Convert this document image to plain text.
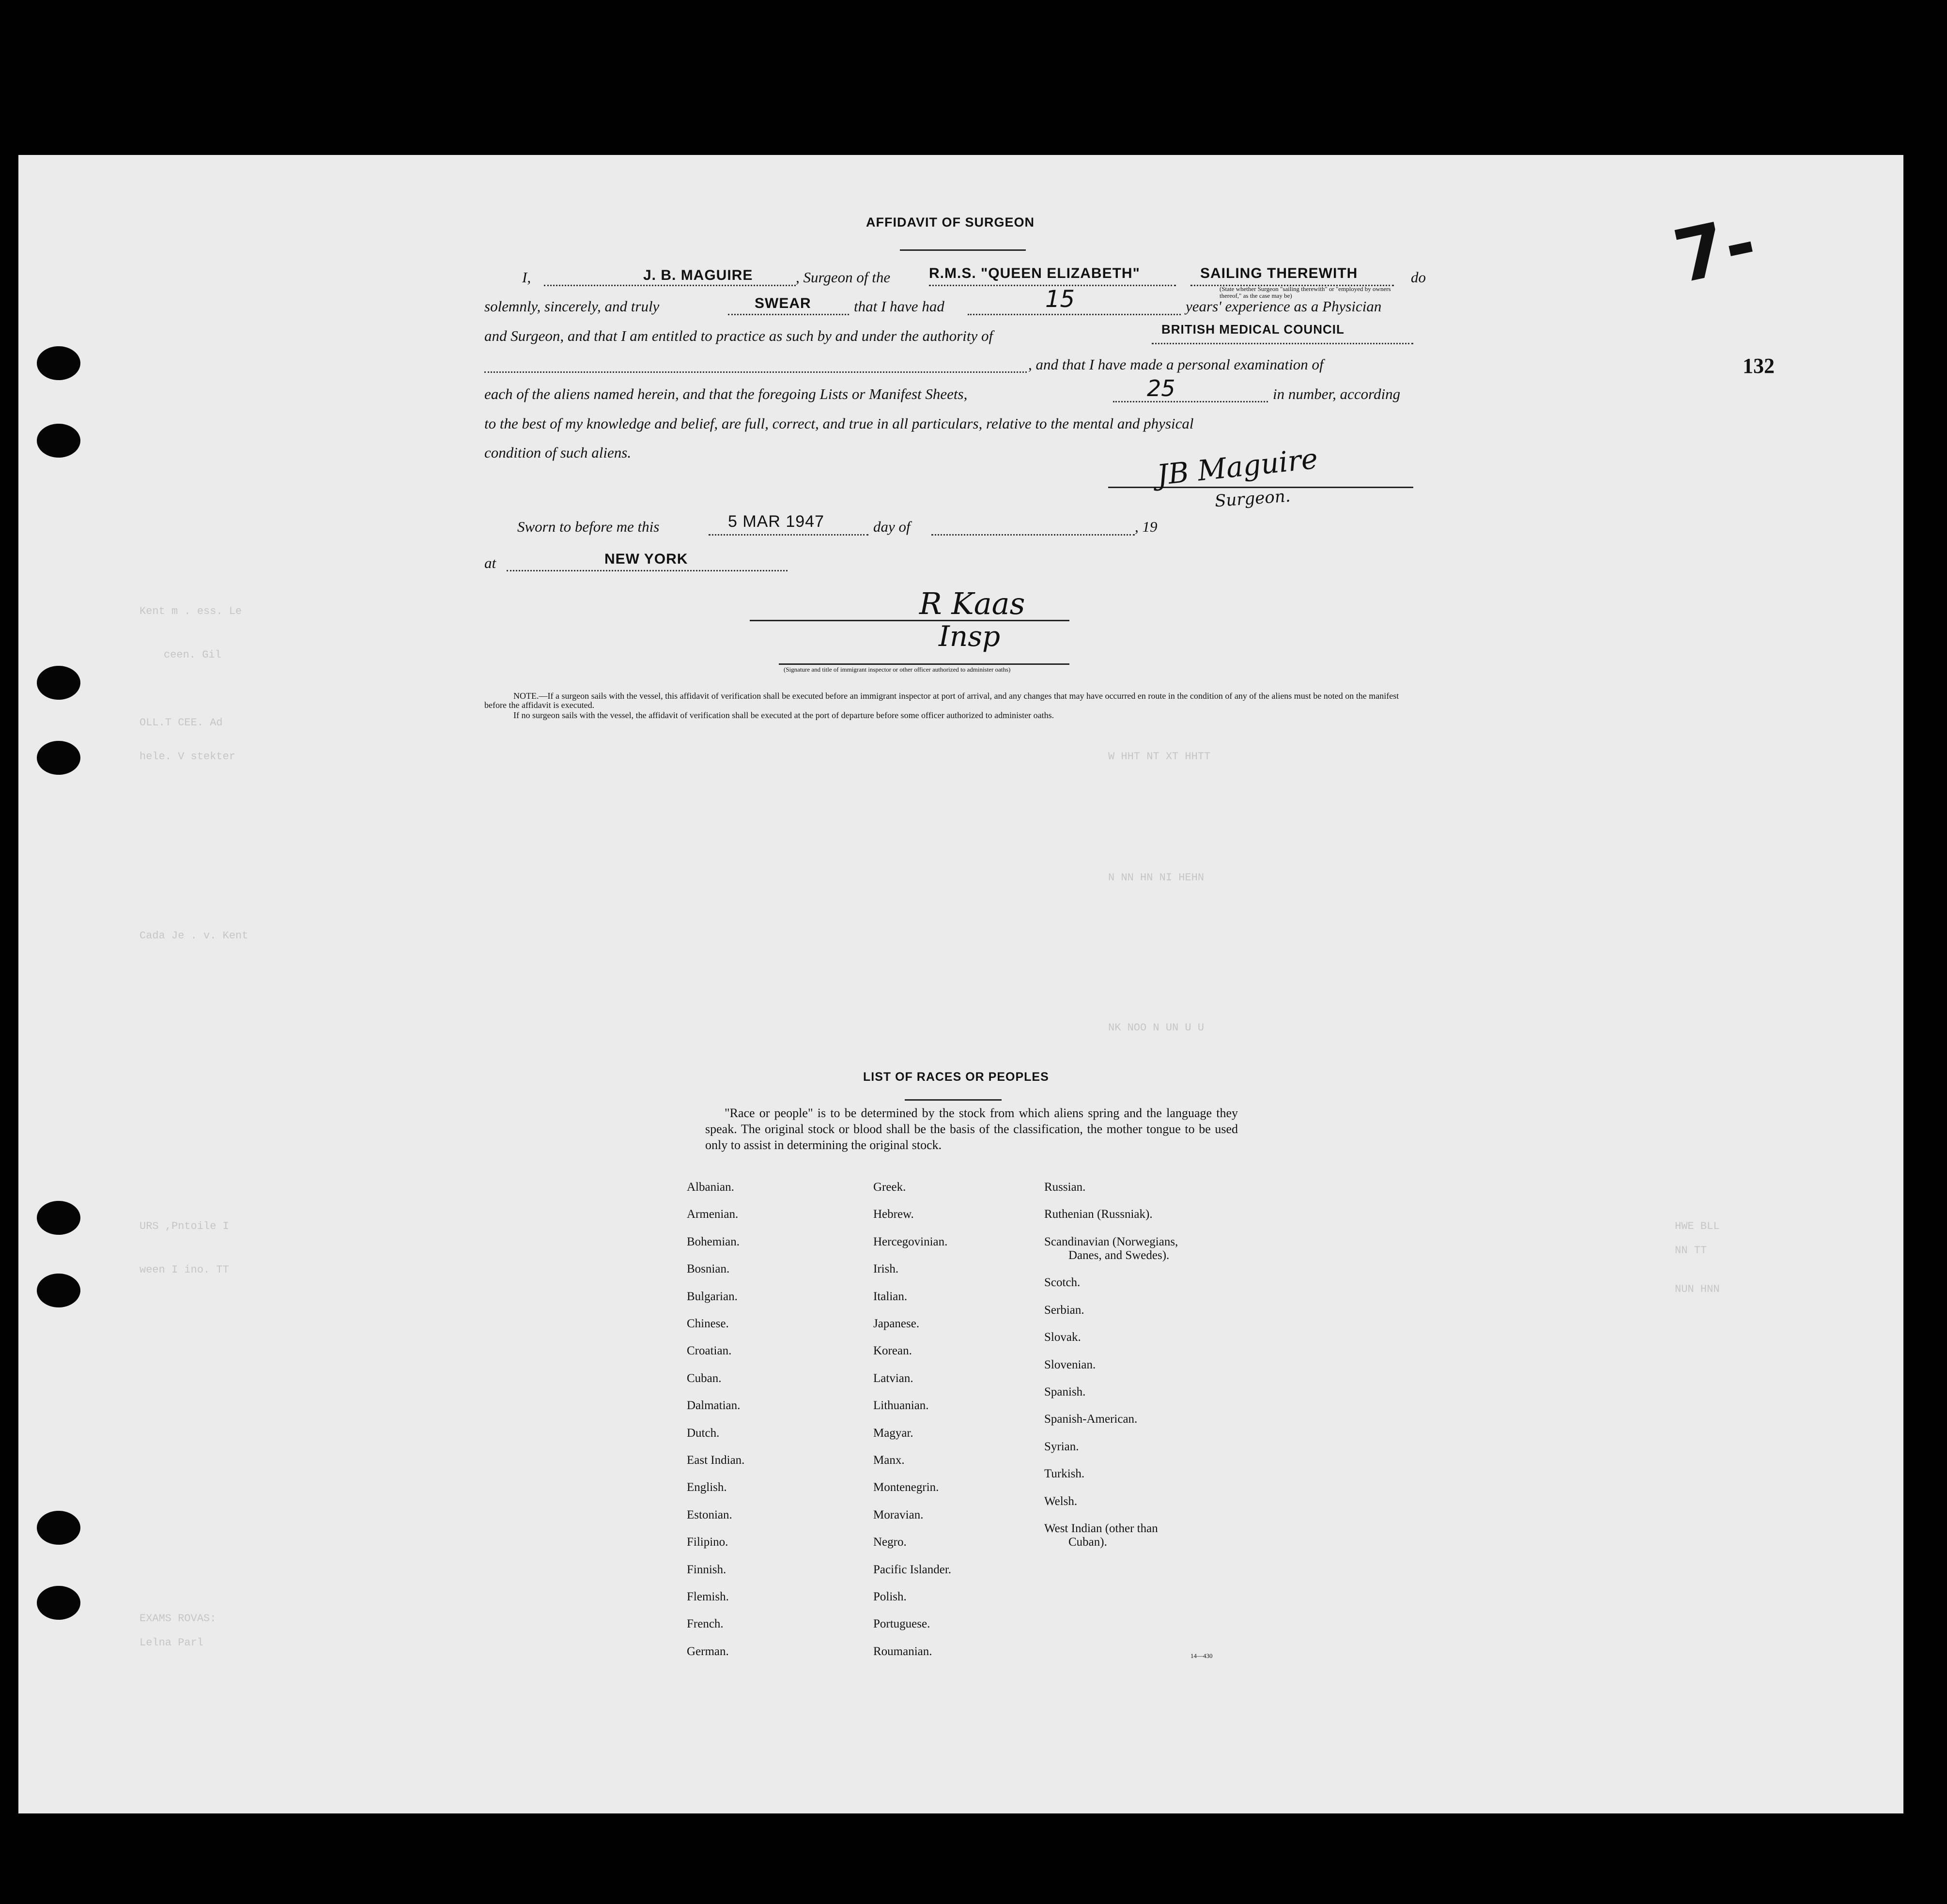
Kent m . ess. Le
ceen. Gil
OLL.T CEE. Ad
hele. V stekter
Cada Je . v. Kent
URS ,Pntoile I
ween I ino. TT
EXAMS ROVAS:
Lelna Parl
HWE BLL
NN TT
NUN HNN
W HHT NT XT HHTT
N NN HN NI HEHN
NK NOO N UN U U
7-
132
AFFIDAVIT OF SURGEON
I,	J. B. MAGUIRE	, Surgeon of the	R.M.S. "QUEEN ELIZABETH"	SAILING THEREWITH
(State whether Surgeon "sailing therewith" or "employed by owners thereof," as the case may be)
do
solemnly, sincerely, and truly	SWEAR	that I have had	15	years' experience as a Physician
and Surgeon, and that I am entitled to practice as such by and under the authority of	BRITISH MEDICAL COUNCIL
, and that I have made a personal examination of
each of the aliens named herein, and that the foregoing Lists or Manifest Sheets,	25	in number, according
to the best of my knowledge and belief, are full, correct, and true in all particulars, relative to the mental and physical
condition of such aliens.	JB Maguire
Surgeon.
Sworn to before me this	5 MAR 1947	day of	, 19
at	NEW YORK
R Kaas
Insp
(Signature and title of immigrant inspector or other officer authorized to administer oaths)
NOTE.—If a surgeon sails with the vessel, this affidavit of verification shall be executed before an immigrant inspector at port of arrival, and any changes that may have occurred en route in the condition of any of the aliens must be noted on the manifest before the affidavit is executed.
If no surgeon sails with the vessel, the affidavit of verification shall be executed at the port of departure before some officer authorized to administer oaths.
LIST OF RACES OR PEOPLES

"Race or people" is to be determined by the stock from which aliens spring and the language they speak. The original stock or blood shall be the basis of the classification, the mother tongue to be used only to assist in determining the original stock.

Albanian.
Armenian.
Bohemian.
Bosnian.
Bulgarian.
Chinese.
Croatian.
Cuban.
Dalmatian.
Dutch.
East Indian.
English.
Estonian.
Filipino.
Finnish.
Flemish.
French.
German.
Greek.
Hebrew.
Hercegovinian.
Irish.
Italian.
Japanese.
Korean.
Latvian.
Lithuanian.
Magyar.
Manx.
Montenegrin.
Moravian.
Negro.
Pacific Islander.
Polish.
Portuguese.
Roumanian.
Russian.
Ruthenian (Russniak).
Scandinavian (Norwegians,
Danes, and Swedes).
Scotch.
Serbian.
Slovak.
Slovenian.
Spanish.
Spanish-American.
Syrian.
Turkish.
Welsh.
West Indian (other than
Cuban).
14—430
